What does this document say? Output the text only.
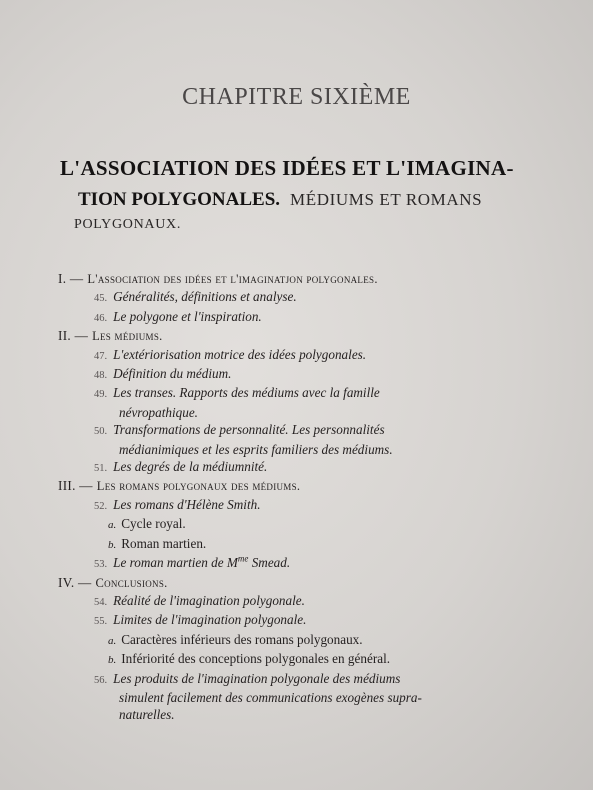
CHAPITRE SIXIÈME
L'ASSOCIATION DES IDÉES ET L'IMAGINA-
TION POLYGONALES. MÉDIUMS ET ROMANS
POLYGONAUX.
I. — L'association des idées et l'imaginatjon polygonales.
45. Généralités, définitions et analyse.
46. Le polygone et l'inspiration.
II. — Les médiums.
47. L'extériorisation motrice des idées polygonales.
48. Définition du médium.
49. Les transes. Rapports des médiums avec la famille
névropathique.
50. Transformations de personnalité. Les personnalités
médianimiques et les esprits familiers des médiums.
51. Les degrés de la médiumnité.
III. — Les romans polygonaux des médiums.
52. Les romans d'Hélène Smith.
a. Cycle royal.
b. Roman martien.
53. Le roman martien de $M^{me}$ Smead.
IV. — Conclusions.
54. Réalité de l'imagination polygonale.
55. Limites de l'imagination polygonale.
a. Caractères inférieurs des romans polygonaux.
b. Infériorité des conceptions polygonales en général.
56. Les produits de l'imagination polygonale des médiums
simulent facilement des communications exogènes supra-
naturelles.
